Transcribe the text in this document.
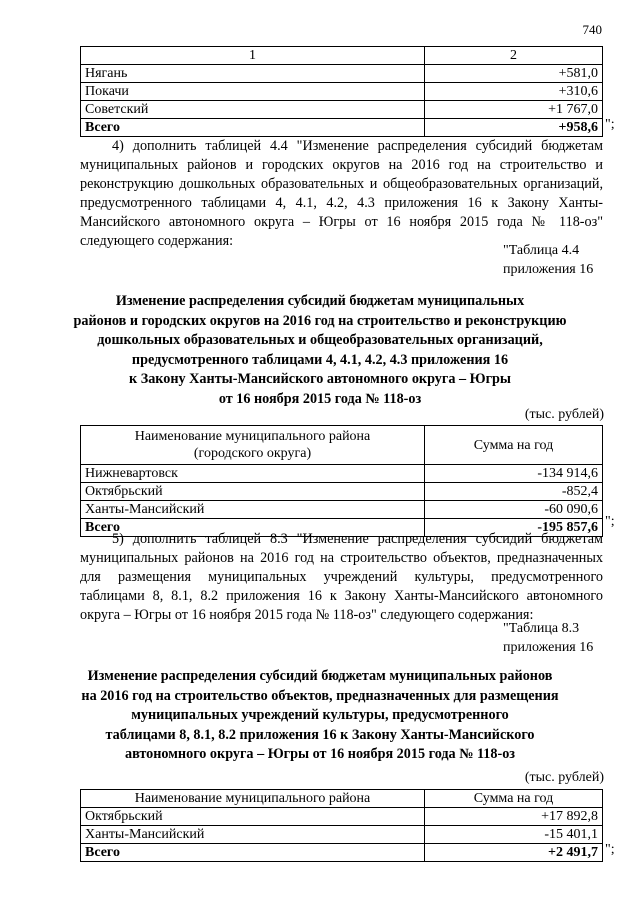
740
1	2
Нягань	+581,0
Покачи	+310,6
Советский	+1 767,0
Всего	+958,6 ";
4) дополнить таблицей 4.4 "Изменение распределения субсидий бюджетам муниципальных районов и городских округов на 2016 год на строительство и реконструкцию дошкольных образовательных и общеобразовательных организаций, предусмотренного таблицами 4, 4.1, 4.2, 4.3 приложения 16 к Закону Ханты-Мансийского автономного округа – Югры от 16 ноября 2015 года № 118-оз" следующего содержания:
"Таблица 4.4
приложения 16
Изменение распределения субсидий бюджетам муниципальных
районов и городских округов на 2016 год на строительство и реконструкцию
дошкольных образовательных и общеобразовательных организаций,
предусмотренного таблицами 4, 4.1, 4.2, 4.3 приложения 16
к Закону Ханты-Мансийского автономного округа – Югры
от 16 ноября 2015 года № 118-оз
(тыс. рублей)
Наименование муниципального района
(городского округа)	Сумма на год
Нижневартовск	-134 914,6
Октябрьский	-852,4
Ханты-Мансийский	-60 090,6
Всего	-195 857,6 ";
5) дополнить таблицей 8.3 "Изменение распределения субсидий бюджетам муниципальных районов на 2016 год на строительство объектов, предназначенных для размещения муниципальных учреждений культуры, предусмотренного таблицами 8, 8.1, 8.2 приложения 16 к Закону Ханты-Мансийского автономного округа – Югры от 16 ноября 2015 года № 118-оз" следующего содержания:
"Таблица 8.3
приложения 16
Изменение распределения субсидий бюджетам муниципальных районов
на 2016 год на строительство объектов, предназначенных для размещения
муниципальных учреждений культуры, предусмотренного
таблицами 8, 8.1, 8.2 приложения 16 к Закону Ханты-Мансийского
автономного округа – Югры от 16 ноября 2015 года № 118-оз
(тыс. рублей)
Наименование муниципального района	Сумма на год
Октябрьский	+17 892,8
Ханты-Мансийский	-15 401,1
Всего	+2 491,7 ";
